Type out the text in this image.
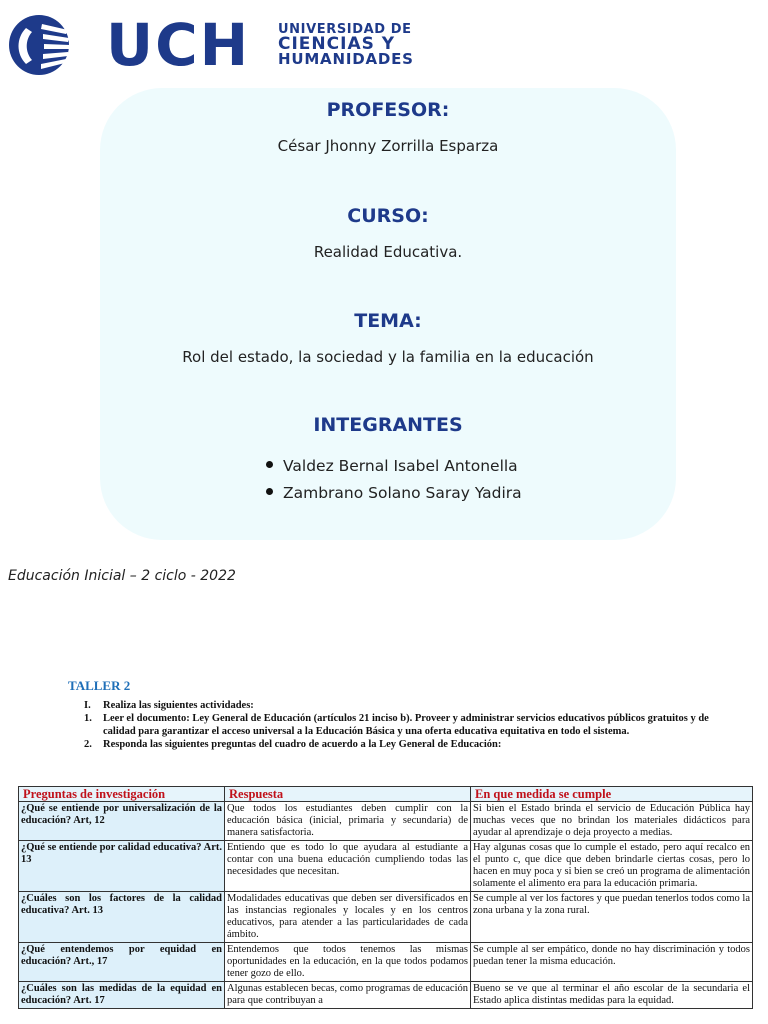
UCH UNIVERSIDAD DE
CIENCIAS Y
HUMANIDADES
PROFESOR:
César Jhonny Zorrilla Esparza
CURSO:
Realidad Educativa.
TEMA:
Rol del estado, la sociedad y la familia en la educación
INTEGRANTES
Valdez Bernal Isabel Antonella
Zambrano Solano Saray Yadira
Educación Inicial – 2 ciclo - 2022
TALLER 2
I. Realiza las siguientes actividades:
1. Leer el documento: Ley General de Educación (artículos 21 inciso b). Proveer y administrar servicios educativos públicos gratuitos y de calidad para garantizar el acceso universal a la Educación Básica y una oferta educativa equitativa en todo el sistema.
2. Responda las siguientes preguntas del cuadro de acuerdo a la Ley General de Educación:
Preguntas de investigación	Respuesta	En que medida se cumple
¿Qué se entiende por universalización de la educación? Art, 12	Que todos los estudiantes deben cumplir con la educación básica (inicial, primaria y secundaria) de manera satisfactoria.	Si bien el Estado brinda el servicio de Educación Pública hay muchas veces que no brindan los materiales didácticos para ayudar al aprendizaje o deja proyecto a medias.
¿Qué se entiende por calidad educativa? Art. 13	Entiendo que es todo lo que ayudara al estudiante a contar con una buena educación cumpliendo todas las necesidades que necesitan.	Hay algunas cosas que lo cumple el estado, pero aquí recalco en el punto c, que dice que deben brindarle ciertas cosas, pero lo hacen en muy poca y si bien se creó un programa de alimentación solamente el alimento era para la educación primaria.
¿Cuáles son los factores de la calidad educativa? Art. 13	Modalidades educativas que deben ser diversificados en las instancias regionales y locales y en los centros educativos, para atender a las particularidades de cada ámbito.	Se cumple al ver los factores y que puedan tenerlos todos como la zona urbana y la zona rural.
¿Qué entendemos por equidad en educación? Art., 17	Entendemos que todos tenemos las mismas oportunidades en la educación, en la que todos podamos tener gozo de ello.	Se cumple al ser empático, donde no hay discriminación y todos puedan tener la misma educación.
¿Cuáles son las medidas de la equidad en educación? Art. 17	Algunas establecen becas, como programas de educación para que contribuyan a	Bueno se ve que al terminar el año escolar de la secundaria el Estado aplica distintas medidas para la equidad.
